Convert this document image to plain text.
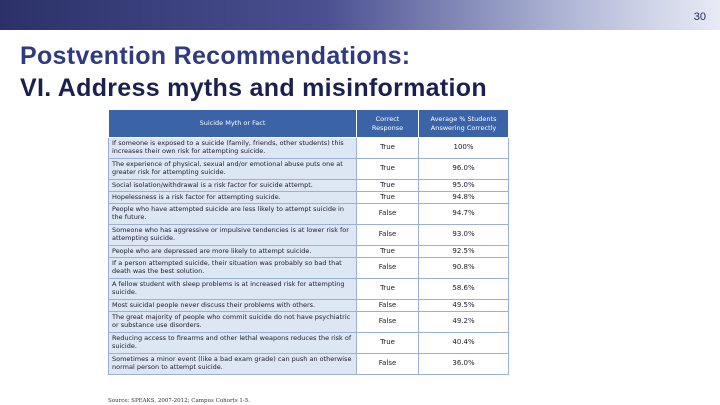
30
Postvention Recommendations:
VI. Address myths and misinformation
Suicide Myth or Fact	Correct Response	Average % Students Answering Correctly
If someone is exposed to a suicide (family, friends, other students) this increases their own risk for attempting suicide.	True	100%
The experience of physical, sexual and/or emotional abuse puts one at greater risk for attempting suicide.	True	96.0%
Social isolation/withdrawal is a risk factor for suicide attempt.	True	95.0%
Hopelessness is a risk factor for attempting suicide.	True	94.8%
People who have attempted suicide are less likely to attempt suicide in the future.	False	94.7%
Someone who has aggressive or impulsive tendencies is at lower risk for attempting suicide.	False	93.0%
People who are depressed are more likely to attempt suicide.	True	92.5%
If a person attempted suicide, their situation was probably so bad that death was the best solution.	False	90.8%
A fellow student with sleep problems is at increased risk for attempting suicide.	True	58.6%
Most suicidal people never discuss their problems with others.	False	49.5%
The great majority of people who commit suicide do not have psychiatric or substance use disorders.	False	49.2%
Reducing access to firearms and other lethal weapons reduces the risk of suicide.	True	40.4%
Sometimes a minor event (like a bad exam grade) can push an otherwise normal person to attempt suicide.	False	36.0%
Source: SPEAKS, 2007-2012; Campus Cohorts 1-5.
